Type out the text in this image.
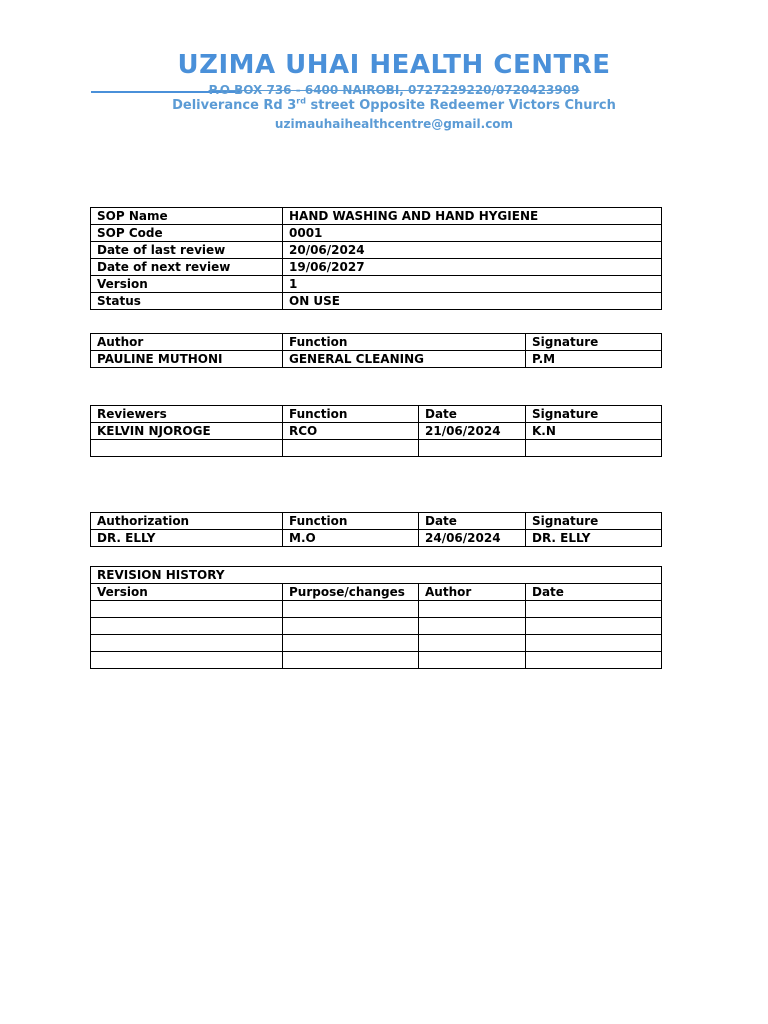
UZIMA UHAI HEALTH CENTRE
P.O BOX 736 - 6400 NAIROBI, 0727229220/0720423909
Deliverance Rd 3rd street Opposite Redeemer Victors Church
uzimauhaihealthcentre@gmail.com
SOP Name	HAND WASHING AND HAND HYGIENE
SOP Code	0001
Date of last review	20/06/2024
Date of next review	19/06/2027
Version	1
Status	ON USE
Author	Function	Signature
PAULINE MUTHONI	GENERAL CLEANING	P.M
Reviewers	Function	Date	Signature
KELVIN NJOROGE	RCO	21/06/2024	K.N

Authorization	Function	Date	Signature
DR. ELLY	M.O	24/06/2024	DR. ELLY
REVISION HISTORY			
Version	Purpose/changes	Author	Date
